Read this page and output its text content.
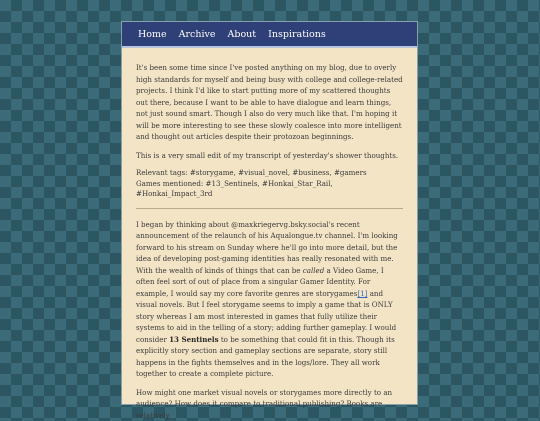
Home Archive About Inspirations

It's been some time since I've posted anything on my blog, due to overly high standards for myself and being busy with college and college-related projects. I think I'd like to start putting more of my scattered thoughts out there, because I want to be able to have dialogue and learn things, not just sound smart. Though I also do very much like that. I'm hoping it will be more interesting to see these slowly coalesce into more intelligent and thought out articles despite their protozoan beginnings.

This is a very small edit of my transcript of yesterday's shower thoughts.

Relevant tags: #storygame, #visual_novel, #business, #gamers
Games mentioned: #13_Sentinels, #Honkai_Star_Rail, #Honkai_Impact_3rd

I began by thinking about @maxkriegervg.bsky.social's recent announcement of the relaunch of his Aqualongue.tv channel. I'm looking forward to his stream on Sunday where he'll go into more detail, but the idea of developing post-gaming identities has really resonated with me. With the wealth of kinds of things that can be called a Video Game, I often feel sort of out of place from a singular Gamer Identity. For example, I would say my core favorite genres are storygames[1] and visual novels. But I feel storygame seems to imply a game that is ONLY story whereas I am most interested in games that fully utilize their systems to aid in the telling of a story; adding further gameplay. I would consider 13 Sentinels to be something that could fit in this. Though its explicitly story section and gameplay sections are separate, story still happens in the fights themselves and in the logs/lore. They all work together to create a complete picture.

How might one market visual novels or storygames more directly to an audience? How does it compare to traditional publishing? Books are relatively
